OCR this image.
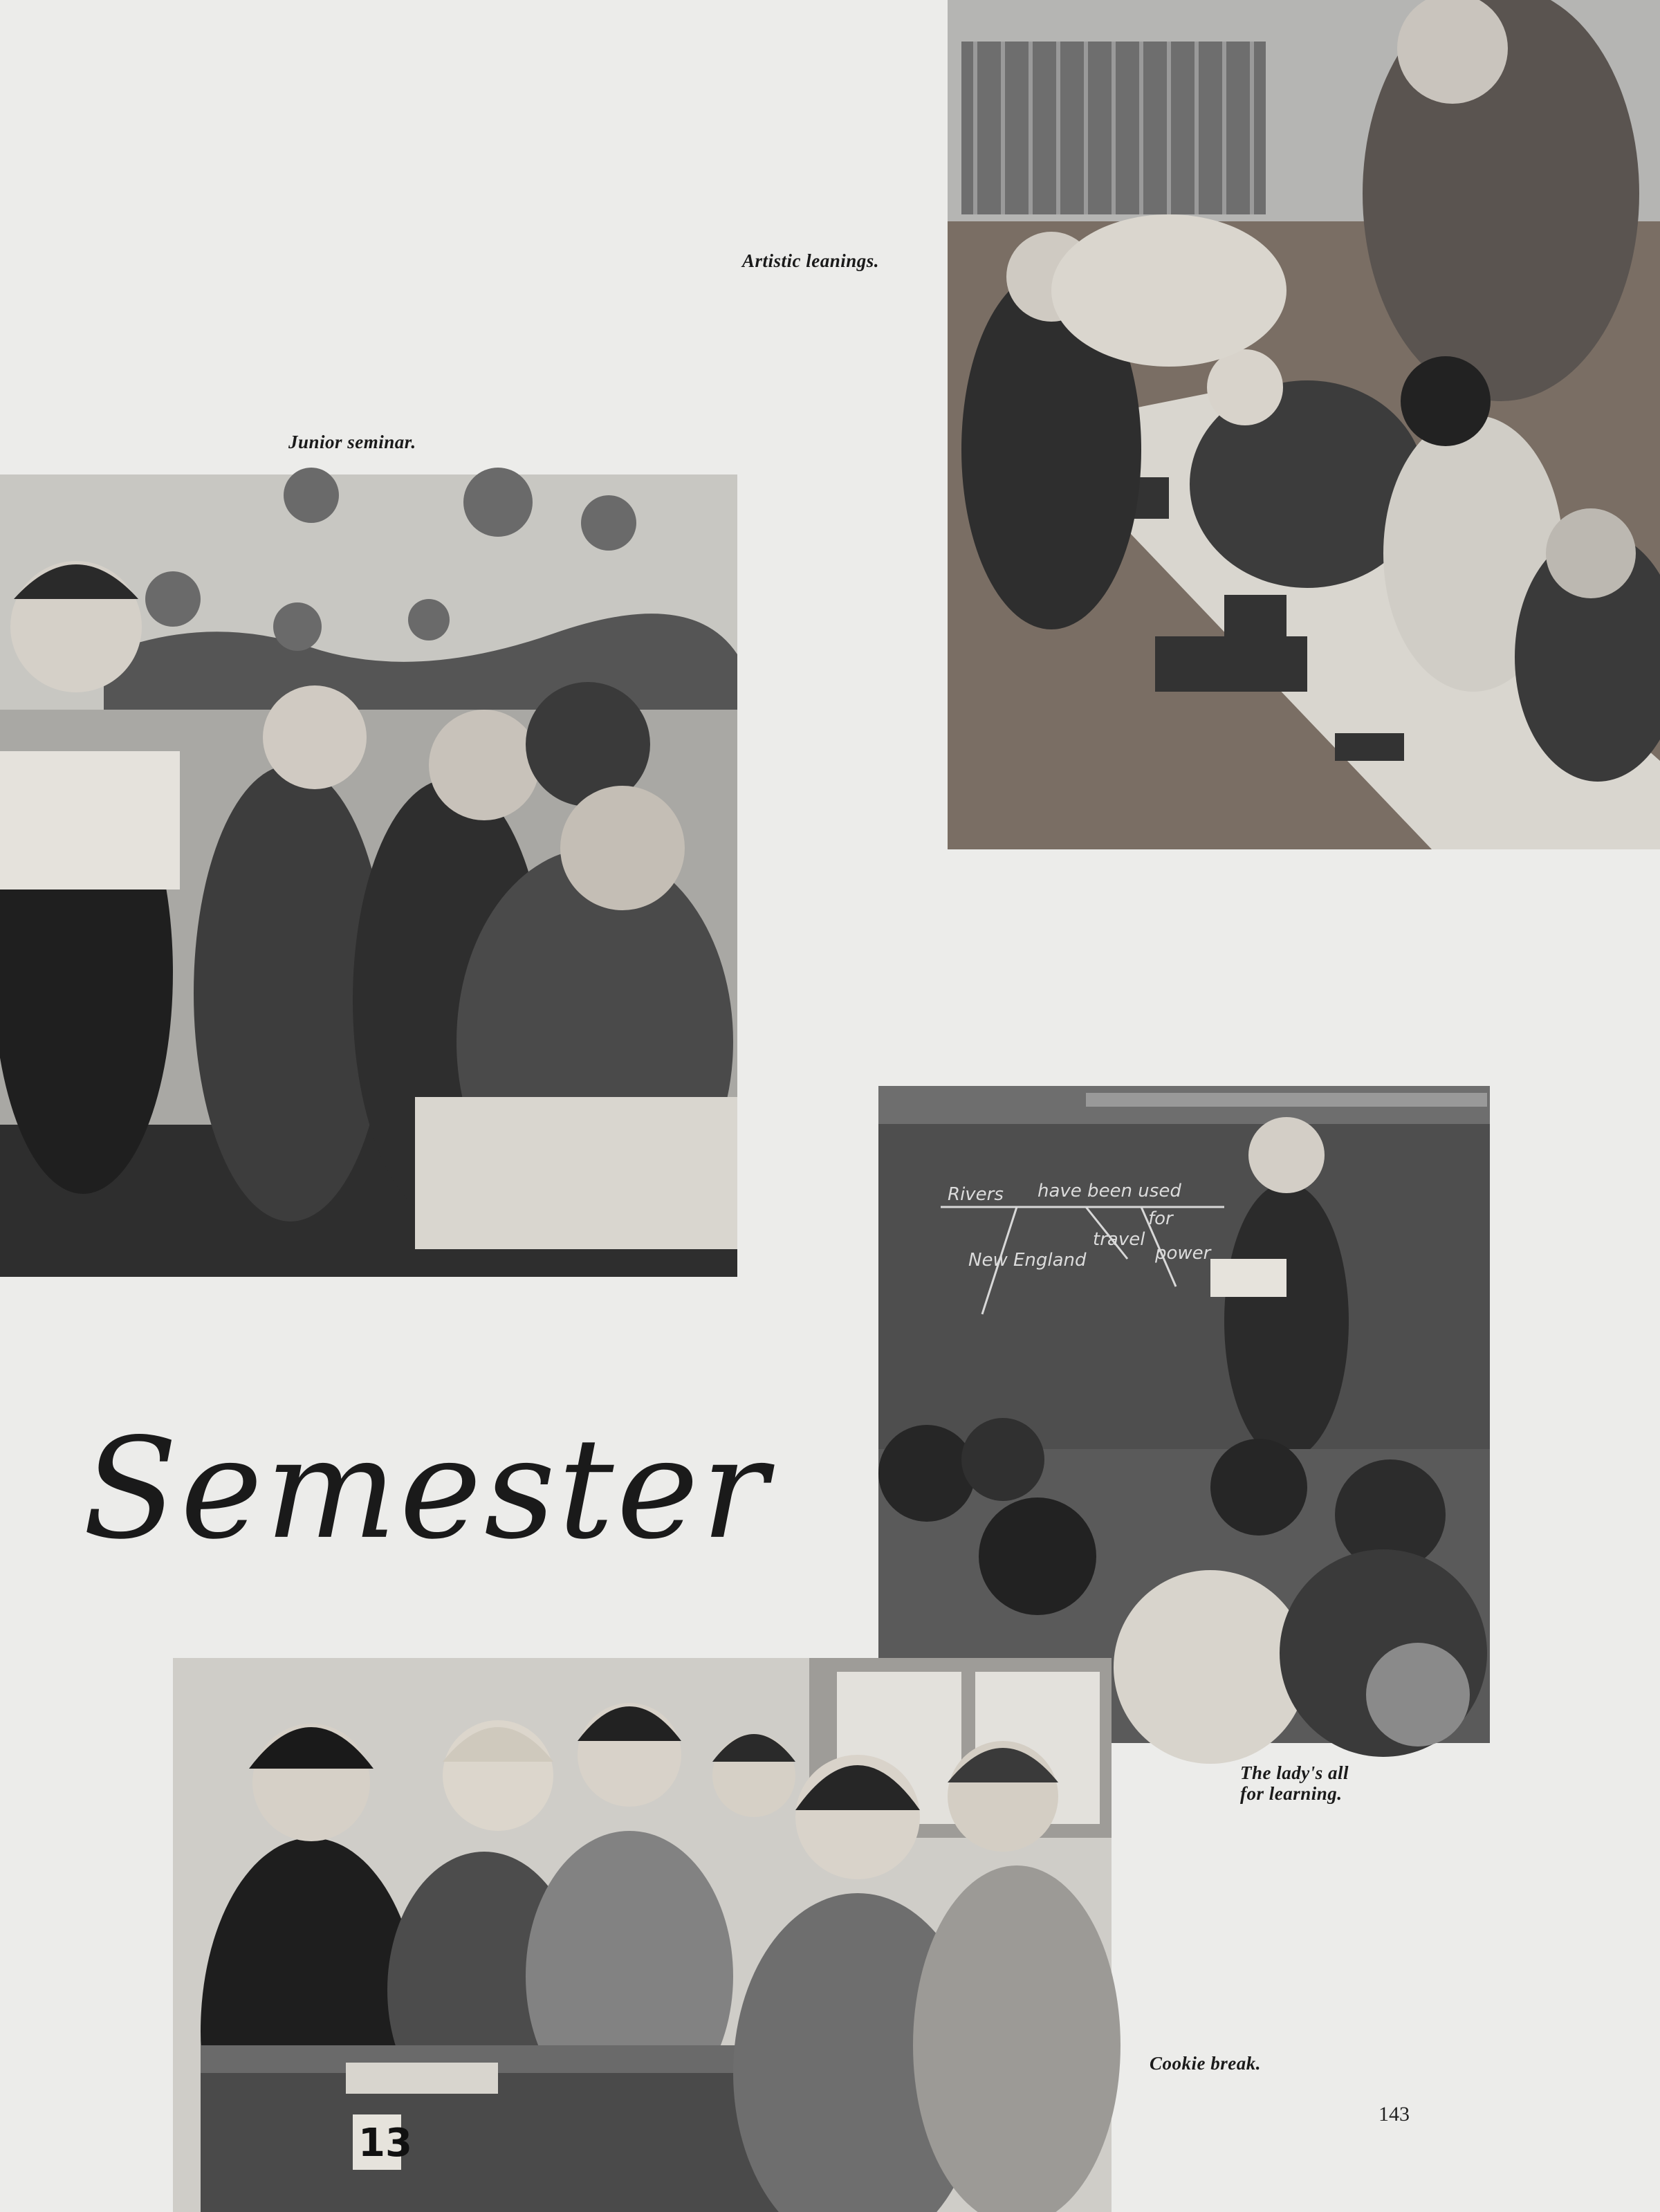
Artistic leanings.
Junior seminar.
The lady's all
for learning.
Cookie break.
Rivers have been used
travel
for
New England	power
13
Semester
143
